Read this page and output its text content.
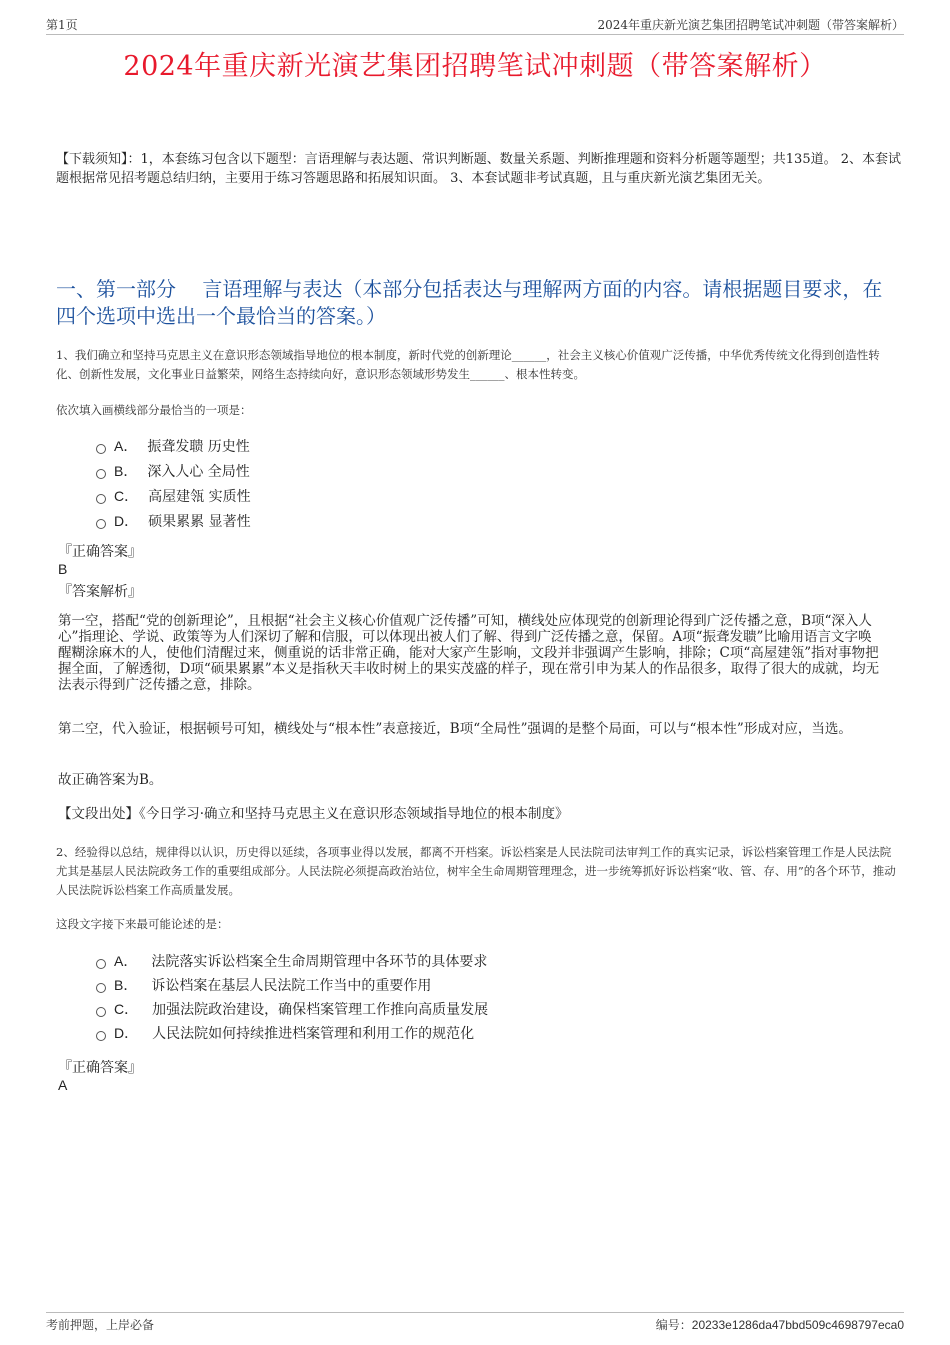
第1页	2024年重庆新光演艺集团招聘笔试冲刺题（带答案解析）
2024年重庆新光演艺集团招聘笔试冲刺题（带答案解析）
【下载须知】：1，本套练习包含以下题型：言语理解与表达题、常识判断题、数量关系题、判断推理题和资料分析题等题型；共135道。 2、本套试题根据常见招考题总结归纳，主要用于练习答题思路和拓展知识面。 3、本套试题非考试真题，且与重庆新光演艺集团无关。
一、第一部分　 言语理解与表达（本部分包括表达与理解两方面的内容。请根据题目要求，在四个选项中选出一个最恰当的答案。）
1、我们确立和坚持马克思主义在意识形态领域指导地位的根本制度，新时代党的创新理论______，社会主义核心价值观广泛传播，中华优秀传统文化得到创造性转化、创新性发展，文化事业日益繁荣，网络生态持续向好，意识形态领域形势发生______、根本性转变。
依次填入画横线部分最恰当的一项是：
A． 振聋发聩 历史性
B． 深入人心 全局性
C． 高屋建瓴 实质性
D． 硕果累累 显著性
『正确答案』
B
『答案解析』

第一空，搭配“党的创新理论”，且根据“社会主义核心价值观广泛传播”可知，横线处应体现党的创新理论得到广泛传播之意，B项“深入人心”指理论、学说、政策等为人们深切了解和信服，可以体现出被人们了解、得到广泛传播之意，保留。A项“振聋发聩”比喻用语言文字唤醒糊涂麻木的人，使他们清醒过来，侧重说的话非常正确，能对大家产生影响，文段并非强调产生影响，排除；C项“高屋建瓴”指对事物把握全面，了解透彻，D项“硕果累累”本义是指秋天丰收时树上的果实茂盛的样子，现在常引申为某人的作品很多，取得了很大的成就，均无法表示得到广泛传播之意，排除。

第二空，代入验证，根据顿号可知，横线处与“根本性”表意接近，B项“全局性”强调的是整个局面，可以与“根本性”形成对应，当选。

故正确答案为B。

【文段出处】《今日学习·确立和坚持马克思主义在意识形态领域指导地位的根本制度》

2、经验得以总结，规律得以认识，历史得以延续，各项事业得以发展，都离不开档案。诉讼档案是人民法院司法审判工作的真实记录，诉讼档案管理工作是人民法院尤其是基层人民法院政务工作的重要组成部分。人民法院必须提高政治站位，树牢全生命周期管理理念，进一步统筹抓好诉讼档案“收、管、存、用”的各个环节，推动人民法院诉讼档案工作高质量发展。
这段文字接下来最可能论述的是：
A． 法院落实诉讼档案全生命周期管理中各环节的具体要求
B． 诉讼档案在基层人民法院工作当中的重要作用
C． 加强法院政治建设，确保档案管理工作推向高质量发展
D． 人民法院如何持续推进档案管理和利用工作的规范化
『正确答案』
A
考前押题，上岸必备	编号：20233e1286da47bbd509c4698797eca0
